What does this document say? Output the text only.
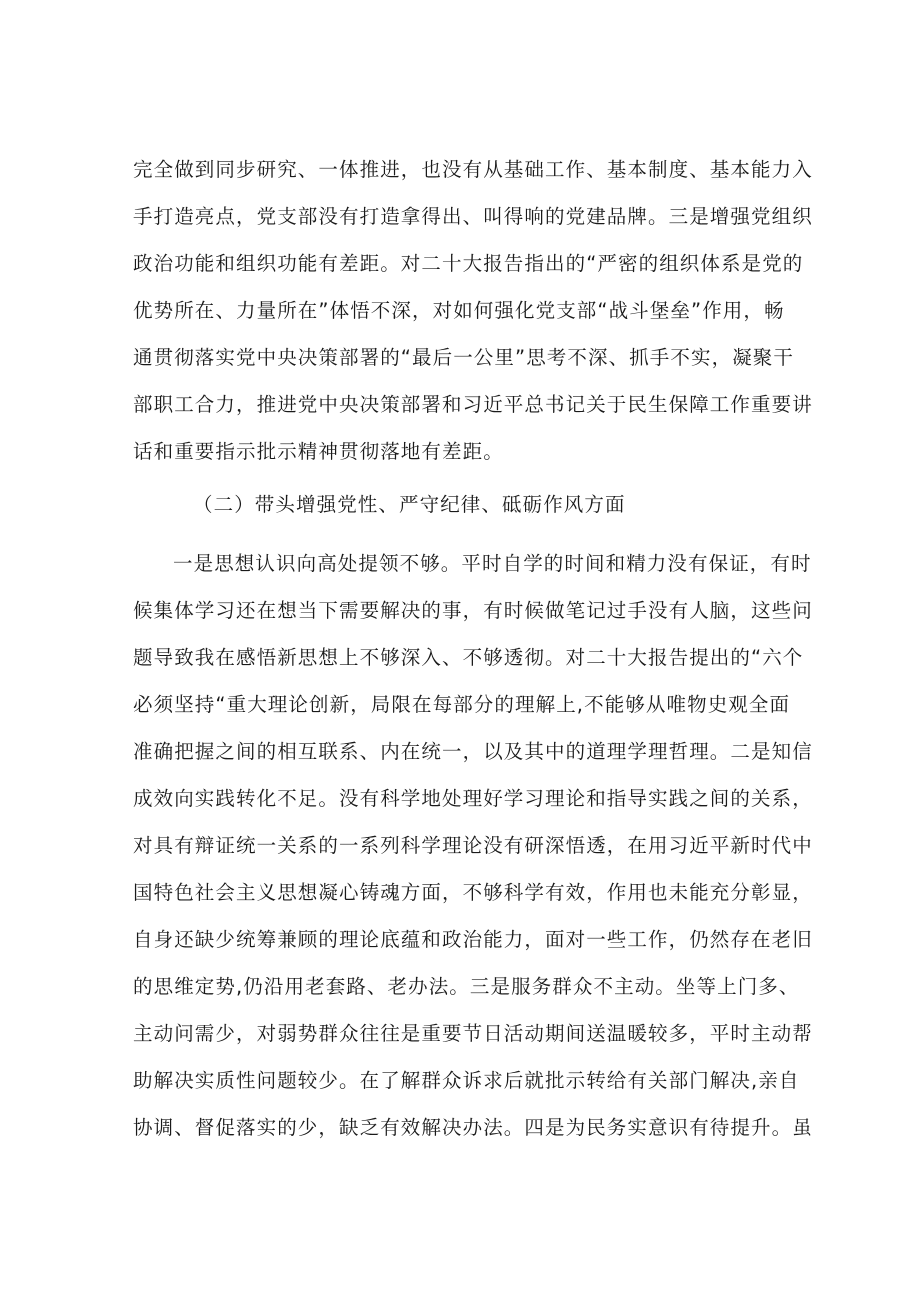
完全做到同步研究、一体推进，也没有从基础工作、基本制度、基本能力入
手打造亮点，党支部没有打造拿得出、叫得响的党建品牌。三是增强党组织
政治功能和组织功能有差距。对二十大报告指出的“严密的组织体系是党的
优势所在、力量所在”体悟不深，对如何强化党支部“战斗堡垒”作用，畅
通贯彻落实党中央决策部署的“最后一公里”思考不深、抓手不实，凝聚干
部职工合力，推进党中央决策部署和习近平总书记关于民生保障工作重要讲
话和重要指示批示精神贯彻落地有差距。
（二）带头增强党性、严守纪律、砥砺作风方面
一是思想认识向高处提领不够。平时自学的时间和精力没有保证，有时
候集体学习还在想当下需要解决的事，有时候做笔记过手没有人脑，这些问
题导致我在感悟新思想上不够深入、不够透彻。对二十大报告提出的“六个
必须坚持“重大理论创新，局限在每部分的理解上,不能够从唯物史观全面
准确把握之间的相互联系、内在统一，以及其中的道理学理哲理。二是知信
成效向实践转化不足。没有科学地处理好学习理论和指导实践之间的关系，
对具有辩证统一关系的一系列科学理论没有研深悟透，在用习近平新时代中
国特色社会主义思想凝心铸魂方面，不够科学有效，作用也未能充分彰显，
自身还缺少统筹兼顾的理论底蕴和政治能力，面对一些工作，仍然存在老旧
的思维定势,仍沿用老套路、老办法。三是服务群众不主动。坐等上门多、
主动问需少，对弱势群众往往是重要节日活动期间送温暖较多，平时主动帮
助解决实质性问题较少。在了解群众诉求后就批示转给有关部门解决,亲自
协调、督促落实的少，缺乏有效解决办法。四是为民务实意识有待提升。虽
